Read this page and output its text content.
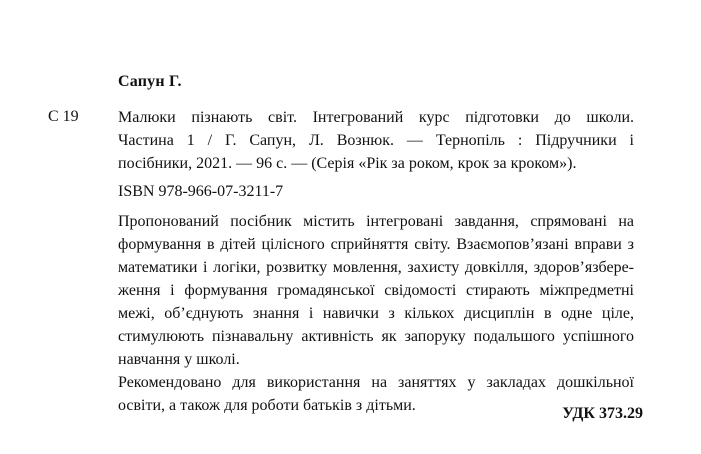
Сапун Г.
С 19 Малюки пізнають світ. Інтегрований курс підготовки до школи.
Частина 1 / Г. Сапун, Л. Вознюк. — Тернопіль : Підручники і
посібники, 2021. — 96 с. — (Серія «Рік за роком, крок за кроком»).
ISBN 978-966-07-3211-7
Пропонований посібник містить інтегровані завдання, спрямовані на
формування в дітей цілісного сприйняття світу. Взаємопов’язані вправи з
математики і логіки, розвитку мовлення, захисту довкілля, здоров’язбере-
ження і формування громадянської свідомості стирають міжпредметні
межі, об’єднують знання і навички з кількох дисциплін в одне ціле,
стимулюють пізнавальну активність як запоруку подальшого успішного
навчання у школі.
Рекомендовано для використання на заняттях у закладах дошкільної
освіти, а також для роботи батьків з дітьми.	УДК 373.29
